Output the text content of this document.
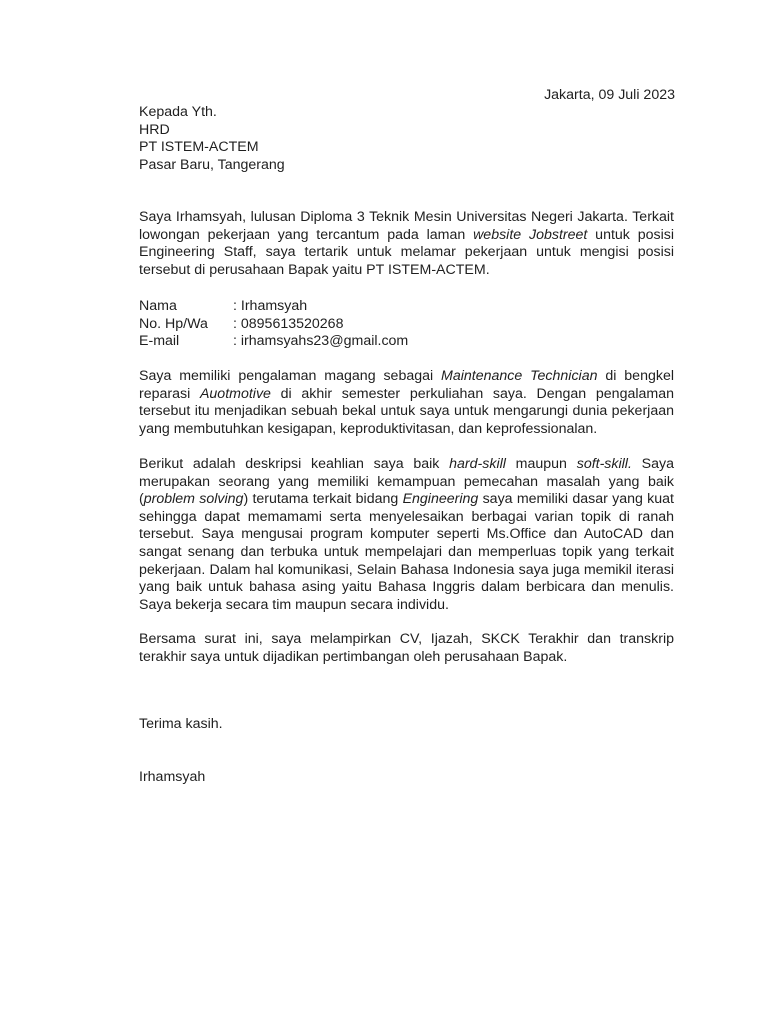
Jakarta, 09 Juli 2023
Kepada Yth.
HRD
PT ISTEM-ACTEM
Pasar Baru, Tangerang

Saya Irhamsyah, lulusan Diploma 3 Teknik Mesin Universitas Negeri Jakarta. Terkait lowongan pekerjaan yang tercantum pada laman website Jobstreet untuk posisi Engineering Staff, saya tertarik untuk melamar pekerjaan untuk mengisi posisi tersebut di perusahaan Bapak yaitu PT ISTEM-ACTEM.

Nama	: Irhamsyah
No. Hp/Wa	: 0895613520268
E-mail	: irhamsyahs23@gmail.com

Saya memiliki pengalaman magang sebagai Maintenance Technician di bengkel reparasi Auotmotive di akhir semester perkuliahan saya. Dengan pengalaman tersebut itu menjadikan sebuah bekal untuk saya untuk mengarungi dunia pekerjaan yang membutuhkan kesigapan, keproduktivitasan, dan keprofessionalan.

Berikut adalah deskripsi keahlian saya baik hard-skill maupun soft-skill. Saya merupakan seorang yang memiliki kemampuan pemecahan masalah yang baik (problem solving) terutama terkait bidang Engineering saya memiliki dasar yang kuat sehingga dapat memamami serta menyelesaikan berbagai varian topik di ranah tersebut. Saya mengusai program komputer seperti Ms.Office dan AutoCAD dan sangat senang dan terbuka untuk mempelajari dan memperluas topik yang terkait pekerjaan. Dalam hal komunikasi, Selain Bahasa Indonesia saya juga memikil iterasi yang baik untuk bahasa asing yaitu Bahasa Inggris dalam berbicara dan menulis. Saya bekerja secara tim maupun secara individu.

Bersama surat ini, saya melampirkan CV, Ijazah, SKCK Terakhir dan transkrip terakhir saya untuk dijadikan pertimbangan oleh perusahaan Bapak.

Terima kasih.
Irhamsyah
